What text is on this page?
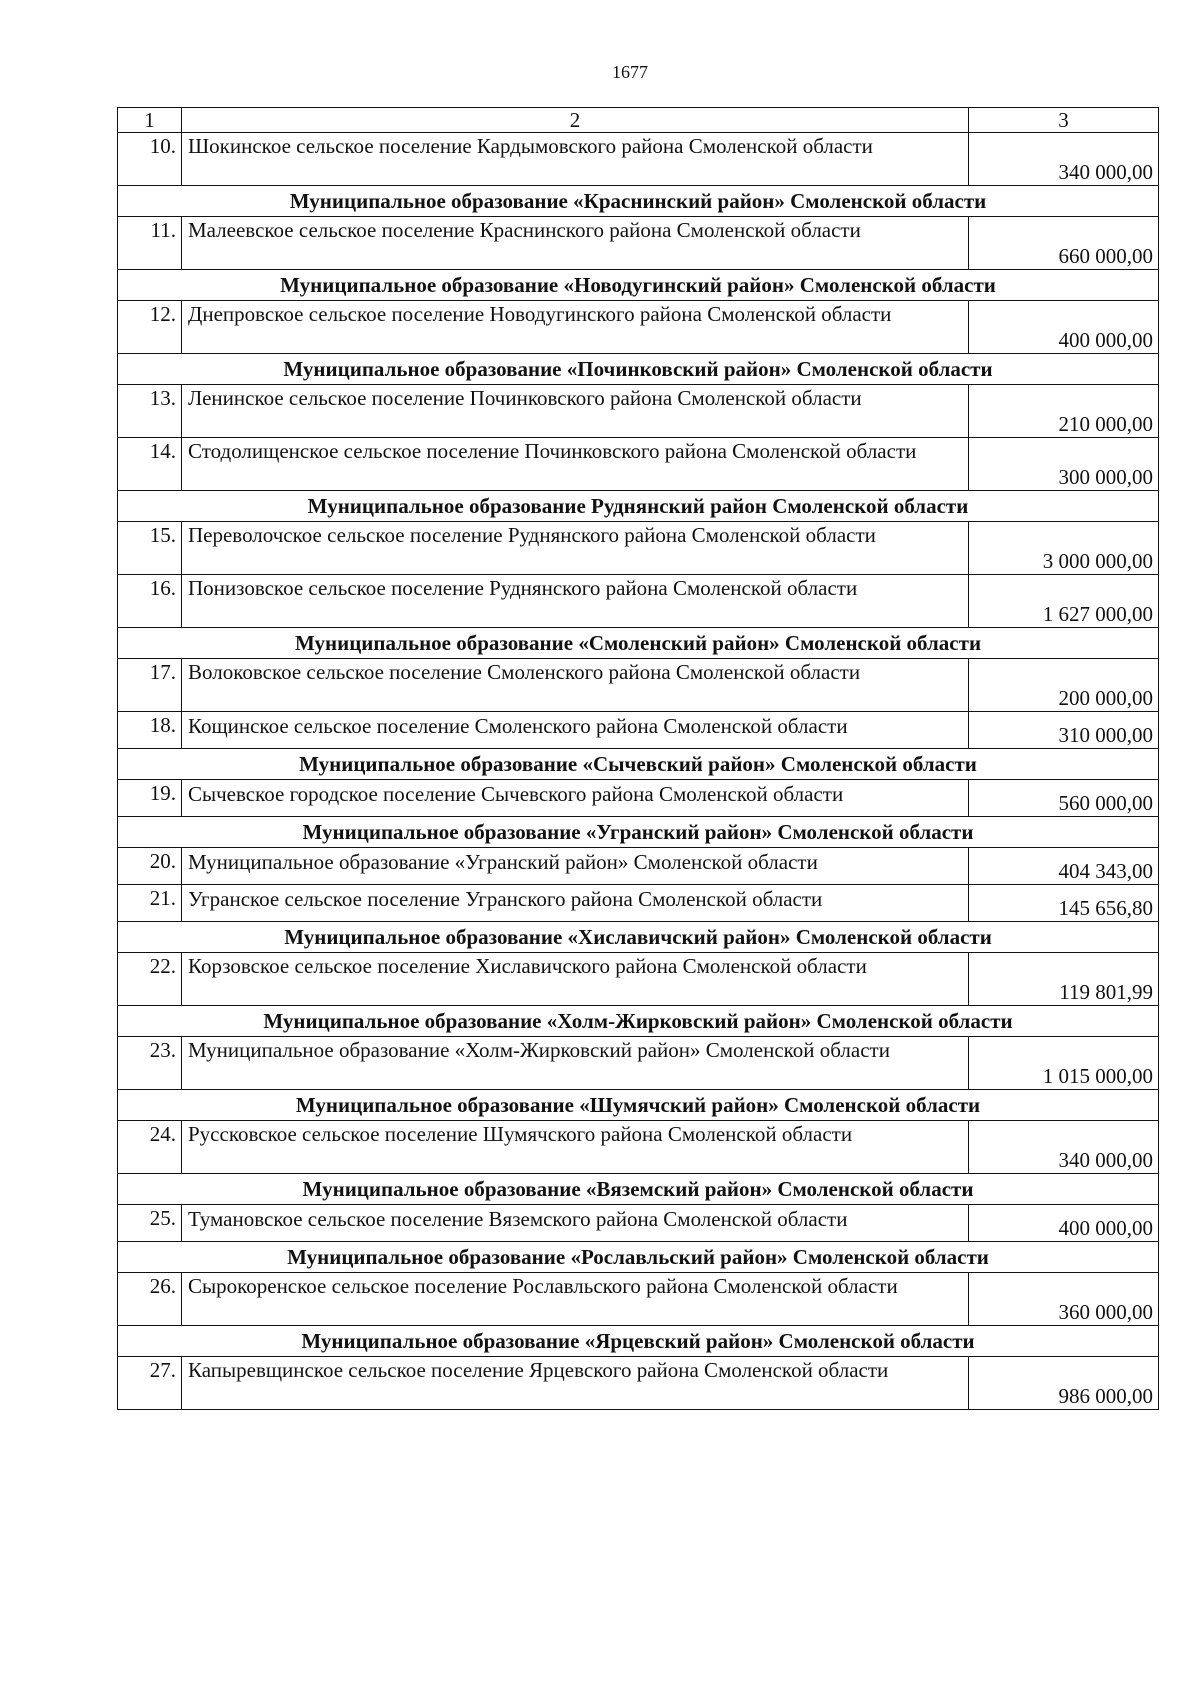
1677
1	2	3
10.	Шокинское сельское поселение Кардымовского района Смоленской области	340 000,00
Муниципальное образование «Краснинский район» Смоленской области		
11.	Малеевское сельское поселение Краснинского района Смоленской области	660 000,00
Муниципальное образование «Новодугинский район» Смоленской области		
12.	Днепровское сельское поселение Новодугинского района Смоленской области	400 000,00
Муниципальное образование «Починковский район» Смоленской области		
13.	Ленинское сельское поселение Починковского района Смоленской области	210 000,00
14.	Стодолищенское сельское поселение Починковского района Смоленской области	300 000,00
Муниципальное образование Руднянский район Смоленской области		
15.	Переволочское сельское поселение Руднянского района Смоленской области	3 000 000,00
16.	Понизовское сельское поселение Руднянского района Смоленской области	1 627 000,00
Муниципальное образование «Смоленский район» Смоленской области		
17.	Волоковское сельское поселение Смоленского района Смоленской области	200 000,00
18.	Кощинское сельское поселение Смоленского района Смоленской области	310 000,00
Муниципальное образование «Сычевский район» Смоленской области		
19.	Сычевское городское поселение Сычевского района Смоленской области	560 000,00
Муниципальное образование «Угранский район» Смоленской области		
20.	Муниципальное образование «Угранский район» Смоленской области	404 343,00
21.	Угранское сельское поселение Угранского района Смоленской области	145 656,80
Муниципальное образование «Хиславичский район» Смоленской области		
22.	Корзовское сельское поселение Хиславичского района Смоленской области	119 801,99
Муниципальное образование «Холм-Жирковский район» Смоленской области		
23.	Муниципальное образование «Холм-Жирковский район» Смоленской области	1 015 000,00
Муниципальное образование «Шумячский район» Смоленской области		
24.	Руссковское сельское поселение Шумячского района Смоленской области	340 000,00
Муниципальное образование «Вяземский район» Смоленской области		
25.	Тумановское сельское поселение Вяземского района Смоленской области	400 000,00
Муниципальное образование «Рославльский район» Смоленской области		
26.	Сырокоренское сельское поселение Рославльского района Смоленской области	360 000,00
Муниципальное образование «Ярцевский район» Смоленской области		
27.	Капыревщинское сельское поселение Ярцевского района Смоленской области	986 000,00
